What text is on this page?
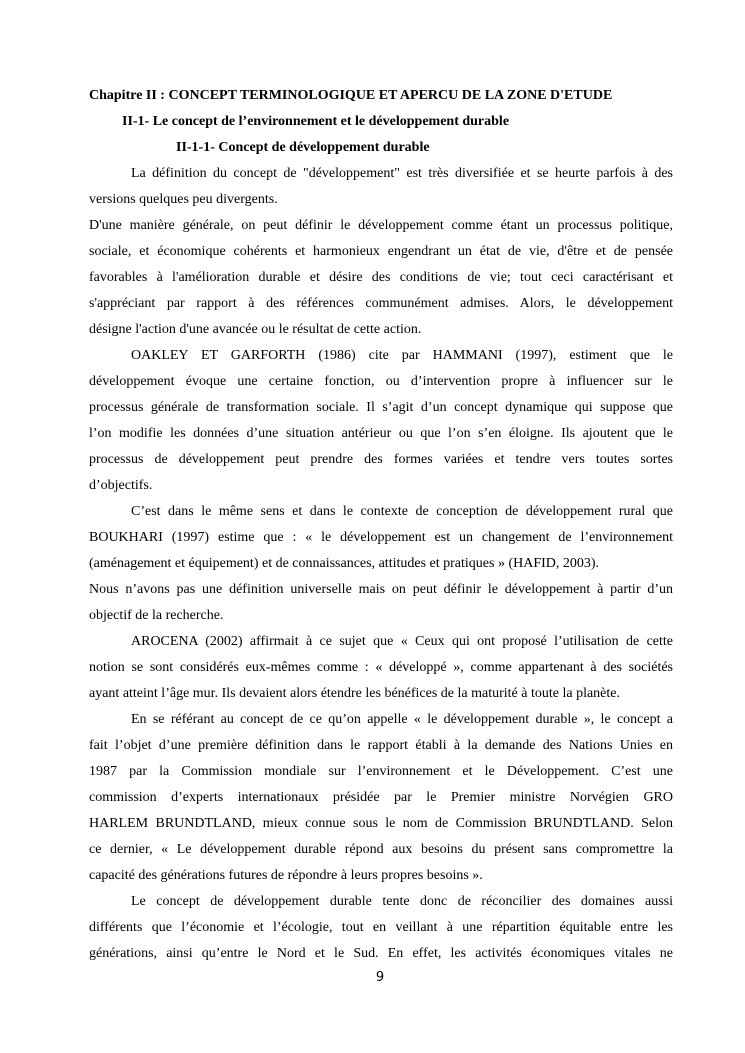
Chapitre II : CONCEPT TERMINOLOGIQUE ET APERCU DE LA ZONE D'ETUDE
II-1- Le concept de l’environnement et le développement durable
II-1-1- Concept de développement durable
La définition du concept de "développement" est très diversifiée et se heurte parfois à des
versions quelques peu divergents.
D'une manière générale, on peut définir le développement comme étant un processus politique,
sociale, et économique cohérents et harmonieux engendrant un état de vie, d'être et de pensée
favorables à l'amélioration durable et désire des conditions de vie; tout ceci caractérisant et
s'appréciant par rapport à des références communément admises. Alors, le développement
désigne l'action d'une avancée ou le résultat de cette action.
OAKLEY ET GARFORTH (1986) cite par HAMMANI (1997), estiment que le
développement évoque une certaine fonction, ou d’intervention propre à influencer sur le
processus générale de transformation sociale. Il s’agit d’un concept dynamique qui suppose que
l’on modifie les données d’une situation antérieur ou que l’on s’en éloigne. Ils ajoutent que le
processus de développement peut prendre des formes variées et tendre vers toutes sortes
d’objectifs.
C’est dans le même sens et dans le contexte de conception de développement rural que
BOUKHARI (1997) estime que : « le développement est un changement de l’environnement
(aménagement et équipement) et de connaissances, attitudes et pratiques » (HAFID, 2003).
Nous n’avons pas une définition universelle mais on peut définir le développement à partir d’un
objectif de la recherche.
AROCENA (2002) affirmait à ce sujet que « Ceux qui ont proposé l’utilisation de cette
notion se sont considérés eux-mêmes comme : « développé », comme appartenant à des sociétés
ayant atteint l’âge mur. Ils devaient alors étendre les bénéfices de la maturité à toute la planète.
En se référant au concept de ce qu’on appelle « le développement durable », le concept a
fait l’objet d’une première définition dans le rapport établi à la demande des Nations Unies en
1987 par la Commission mondiale sur l’environnement et le Développement. C’est une
commission d’experts internationaux présidée par le Premier ministre Norvégien GRO
HARLEM BRUNDTLAND, mieux connue sous le nom de Commission BRUNDTLAND. Selon
ce dernier, « Le développement durable répond aux besoins du présent sans compromettre la
capacité des générations futures de répondre à leurs propres besoins ».
Le concept de développement durable tente donc de réconcilier des domaines aussi
différents que l’économie et l’écologie, tout en veillant à une répartition équitable entre les
générations, ainsi qu’entre le Nord et le Sud. En effet, les activités économiques vitales ne
9
